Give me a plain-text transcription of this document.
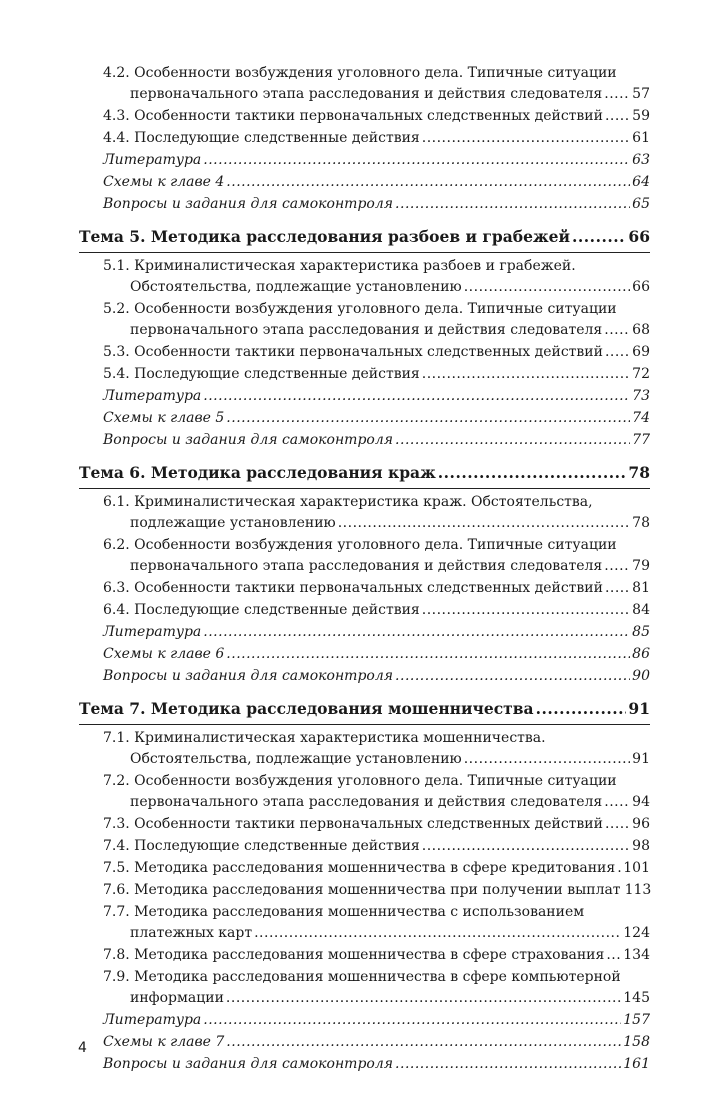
4.2. Особенности возбуждения уголовного дела. Типичные ситуации
первоначального этапа расследования и действия следователя ..... 57
4.3. Особенности тактики первоначальных следственных действий ..... 59
4.4. Последующие следственные действия .....	61
Литература .....	63
Схемы к главе 4 .....	64
Вопросы и задания для самоконтроля .....	65
Тема 5. Методика расследования разбоев и грабежей .....	66
5.1. Криминалистическая характеристика разбоев и грабежей.
Обстоятельства, подлежащие установлению .....	66
5.2. Особенности возбуждения уголовного дела. Типичные ситуации
первоначального этапа расследования и действия следователя ..... 68
5.3. Особенности тактики первоначальных следственных действий ..... 69
5.4. Последующие следственные действия .....	72
Литература .....	73
Схемы к главе 5 .....	74
Вопросы и задания для самоконтроля .....	77
Тема 6. Методика расследования краж .....	78
6.1. Криминалистическая характеристика краж. Обстоятельства,
подлежащие установлению .....	78
6.2. Особенности возбуждения уголовного дела. Типичные ситуации
первоначального этапа расследования и действия следователя ..... 79
6.3. Особенности тактики первоначальных следственных действий ..... 81
6.4. Последующие следственные действия .....	84
Литература .....	85
Схемы к главе 6 .....	86
Вопросы и задания для самоконтроля .....	90
Тема 7. Методика расследования мошенничества .....	91
7.1. Криминалистическая характеристика мошенничества.
Обстоятельства, подлежащие установлению .....	91
7.2. Особенности возбуждения уголовного дела. Типичные ситуации
первоначального этапа расследования и действия следователя ..... 94
7.3. Особенности тактики первоначальных следственных действий ..... 96
7.4. Последующие следственные действия .....	98
7.5. Методика расследования мошенничества в сфере кредитования ..... 101
7.6. Методика расследования мошенничества при получении выплат 113
7.7. Методика расследования мошенничества с использованием
платежных карт .....	124
7.8. Методика расследования мошенничества в сфере страхования ..... 134
7.9. Методика расследования мошенничества в сфере компьютерной
информации .....	145
Литература .....	157
Схемы к главе 7 .....	158
Вопросы и задания для самоконтроля .....	161
4
